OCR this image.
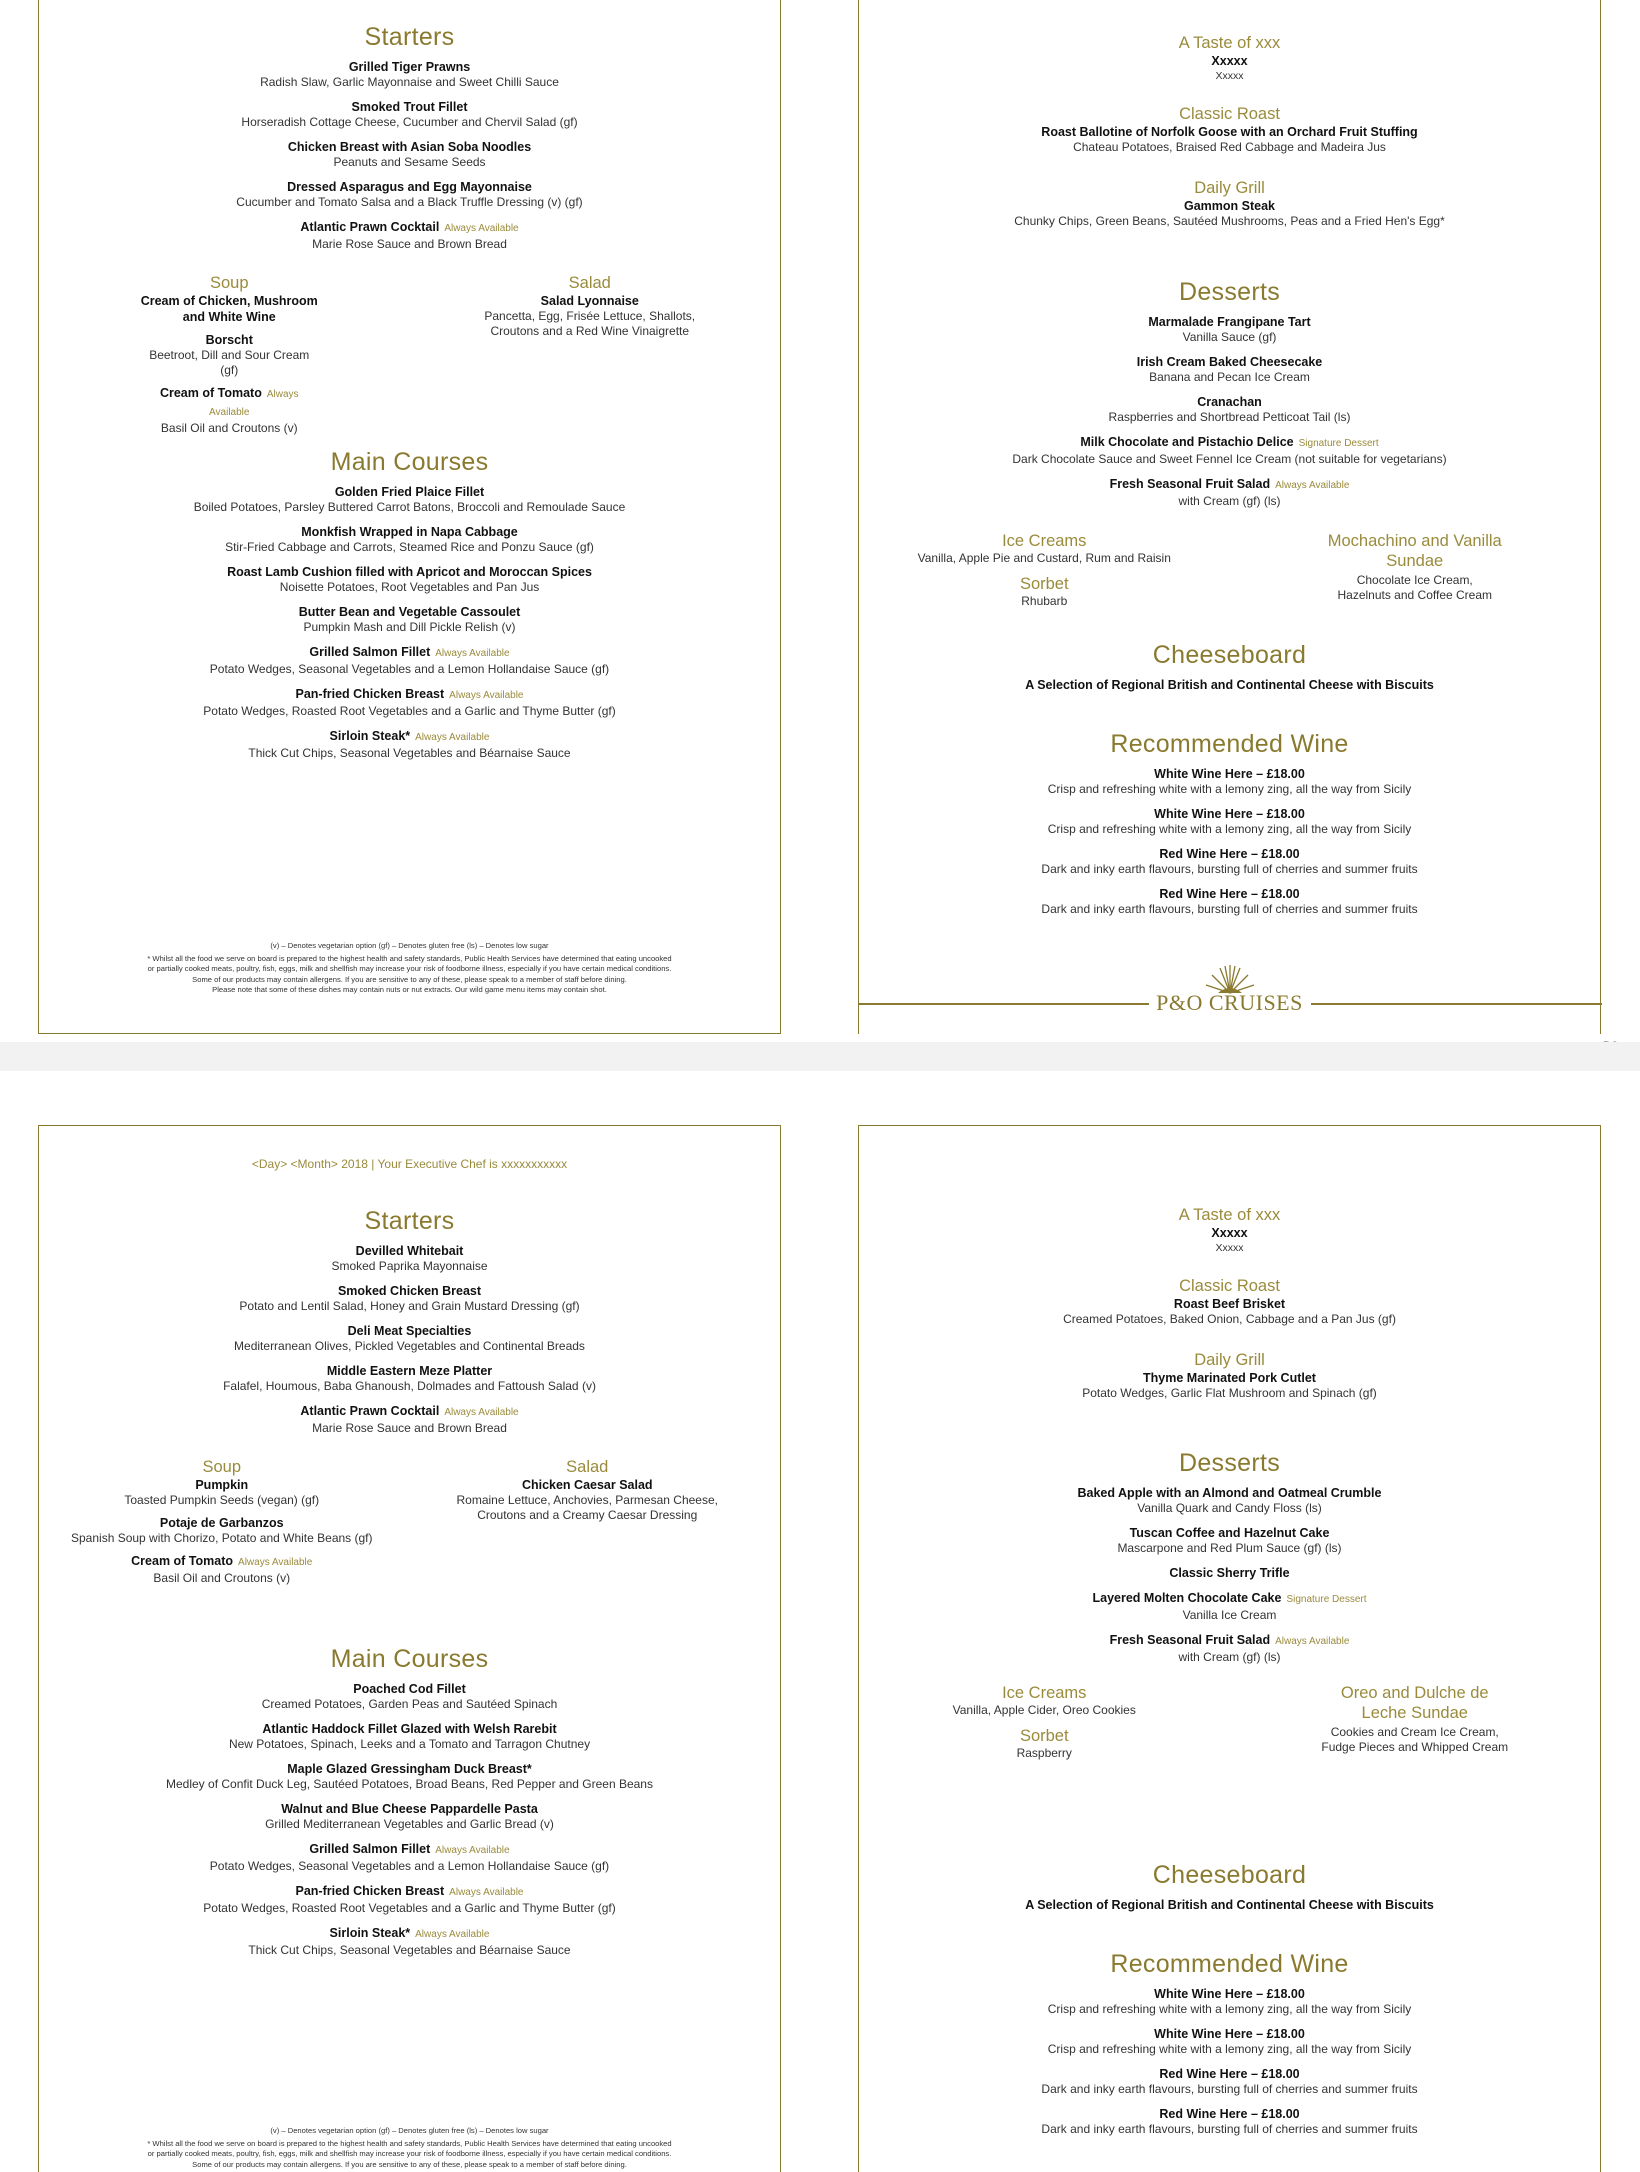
Starters
Grilled Tiger Prawns
Radish Slaw, Garlic Mayonnaise and Sweet Chilli Sauce
Smoked Trout Fillet
Horseradish Cottage Cheese, Cucumber and Chervil Salad (gf)
Chicken Breast with Asian Soba Noodles
Peanuts and Sesame Seeds
Dressed Asparagus and Egg Mayonnaise
Cucumber and Tomato Salsa and a Black Truffle Dressing (v) (gf)
Atlantic Prawn Cocktail Always Available
Marie Rose Sauce and Brown Bread
Soup
Cream of Chicken, Mushroom and White Wine
Borscht
Beetroot, Dill and Sour Cream (gf)
Cream of Tomato Always Available
Basil Oil and Croutons (v)
Salad
Salad Lyonnaise
Pancetta, Egg, Frisée Lettuce, Shallots, Croutons and a Red Wine Vinaigrette
Main Courses
Golden Fried Plaice Fillet
Boiled Potatoes, Parsley Buttered Carrot Batons, Broccoli and Remoulade Sauce
Monkfish Wrapped in Napa Cabbage
Stir-Fried Cabbage and Carrots, Steamed Rice and Ponzu Sauce (gf)
Roast Lamb Cushion filled with Apricot and Moroccan Spices
Noisette Potatoes, Root Vegetables and Pan Jus
Butter Bean and Vegetable Cassoulet
Pumpkin Mash and Dill Pickle Relish (v)
Grilled Salmon Fillet Always Available
Potato Wedges, Seasonal Vegetables and a Lemon Hollandaise Sauce (gf)
Pan-fried Chicken Breast Always Available
Potato Wedges, Roasted Root Vegetables and a Garlic and Thyme Butter (gf)
Sirloin Steak* Always Available
Thick Cut Chips, Seasonal Vegetables and Béarnaise Sauce
(v) – Denotes vegetarian option (gf) – Denotes gluten free (ls) – Denotes low sugar
* Whilst all the food we serve on board is prepared to the highest health and safety standards, Public Health Services have determined that eating uncooked
or partially cooked meats, poultry, fish, eggs, milk and shellfish may increase your risk of foodborne illness, especially if you have certain medical conditions.
Some of our products may contain allergens. If you are sensitive to any of these, please speak to a member of staff before dining.
Please note that some of these dishes may contain nuts or nut extracts. Our wild game menu items may contain shot.
A Taste of xxx
Xxxxx
Xxxxx
Classic Roast
Roast Ballotine of Norfolk Goose with an Orchard Fruit Stuffing
Chateau Potatoes, Braised Red Cabbage and Madeira Jus
Daily Grill
Gammon Steak
Chunky Chips, Green Beans, Sautéed Mushrooms, Peas and a Fried Hen's Egg*
Desserts
Marmalade Frangipane Tart
Vanilla Sauce (gf)
Irish Cream Baked Cheesecake
Banana and Pecan Ice Cream
Cranachan
Raspberries and Shortbread Petticoat Tail (ls)
Milk Chocolate and Pistachio Delice Signature Dessert
Dark Chocolate Sauce and Sweet Fennel Ice Cream (not suitable for vegetarians)
Fresh Seasonal Fruit Salad Always Available
with Cream (gf) (ls)
Ice Creams
Vanilla, Apple Pie and Custard, Rum and Raisin
Sorbet
Rhubarb
Mochachino and Vanilla Sundae
Chocolate Ice Cream, Hazelnuts and Coffee Cream
Cheeseboard
A Selection of Regional British and Continental Cheese with Biscuits
Recommended Wine
White Wine Here – £18.00
Crisp and refreshing white with a lemony zing, all the way from Sicily
White Wine Here – £18.00
Crisp and refreshing white with a lemony zing, all the way from Sicily
Red Wine Here – £18.00
Dark and inky earth flavours, bursting full of cherries and summer fruits
Red Wine Here – £18.00
Dark and inky earth flavours, bursting full of cherries and summer fruits
P&O CRUISES
<Day> <Month> 2018 | Your Executive Chef is xxxxxxxxxxx
Starters
Devilled Whitebait
Smoked Paprika Mayonnaise
Smoked Chicken Breast
Potato and Lentil Salad, Honey and Grain Mustard Dressing (gf)
Deli Meat Specialties
Mediterranean Olives, Pickled Vegetables and Continental Breads
Middle Eastern Meze Platter
Falafel, Houmous, Baba Ghanoush, Dolmades and Fattoush Salad (v)
Atlantic Prawn Cocktail Always Available
Marie Rose Sauce and Brown Bread
Soup
Pumpkin
Toasted Pumpkin Seeds (vegan) (gf)
Potaje de Garbanzos
Spanish Soup with Chorizo, Potato and White Beans (gf)
Cream of Tomato Always Available
Basil Oil and Croutons (v)
Salad
Chicken Caesar Salad
Romaine Lettuce, Anchovies, Parmesan Cheese, Croutons and a Creamy Caesar Dressing
Main Courses
Poached Cod Fillet
Creamed Potatoes, Garden Peas and Sautéed Spinach
Atlantic Haddock Fillet Glazed with Welsh Rarebit
New Potatoes, Spinach, Leeks and a Tomato and Tarragon Chutney
Maple Glazed Gressingham Duck Breast*
Medley of Confit Duck Leg, Sautéed Potatoes, Broad Beans, Red Pepper and Green Beans
Walnut and Blue Cheese Pappardelle Pasta
Grilled Mediterranean Vegetables and Garlic Bread (v)
Grilled Salmon Fillet Always Available
Potato Wedges, Seasonal Vegetables and a Lemon Hollandaise Sauce (gf)
Pan-fried Chicken Breast Always Available
Potato Wedges, Roasted Root Vegetables and a Garlic and Thyme Butter (gf)
Sirloin Steak* Always Available
Thick Cut Chips, Seasonal Vegetables and Béarnaise Sauce
(v) – Denotes vegetarian option (gf) – Denotes gluten free (ls) – Denotes low sugar
* Whilst all the food we serve on board is prepared to the highest health and safety standards, Public Health Services have determined that eating uncooked
or partially cooked meats, poultry, fish, eggs, milk and shellfish may increase your risk of foodborne illness, especially if you have certain medical conditions.
Some of our products may contain allergens. If you are sensitive to any of these, please speak to a member of staff before dining.
A Taste of xxx
Xxxxx
Xxxxx
Classic Roast
Roast Beef Brisket
Creamed Potatoes, Baked Onion, Cabbage and a Pan Jus (gf)
Daily Grill
Thyme Marinated Pork Cutlet
Potato Wedges, Garlic Flat Mushroom and Spinach (gf)
Desserts
Baked Apple with an Almond and Oatmeal Crumble
Vanilla Quark and Candy Floss (ls)
Tuscan Coffee and Hazelnut Cake
Mascarpone and Red Plum Sauce (gf) (ls)
Classic Sherry Trifle
Layered Molten Chocolate Cake Signature Dessert
Vanilla Ice Cream
Fresh Seasonal Fruit Salad Always Available
with Cream (gf) (ls)
Ice Creams
Vanilla, Apple Cider, Oreo Cookies
Sorbet
Raspberry
Oreo and Dulche de Leche Sundae
Cookies and Cream Ice Cream, Fudge Pieces and Whipped Cream
Cheeseboard
A Selection of Regional British and Continental Cheese with Biscuits
Recommended Wine
White Wine Here – £18.00
Crisp and refreshing white with a lemony zing, all the way from Sicily
White Wine Here – £18.00
Crisp and refreshing white with a lemony zing, all the way from Sicily
Red Wine Here – £18.00
Dark and inky earth flavours, bursting full of cherries and summer fruits
Red Wine Here – £18.00
Dark and inky earth flavours, bursting full of cherries and summer fruits
